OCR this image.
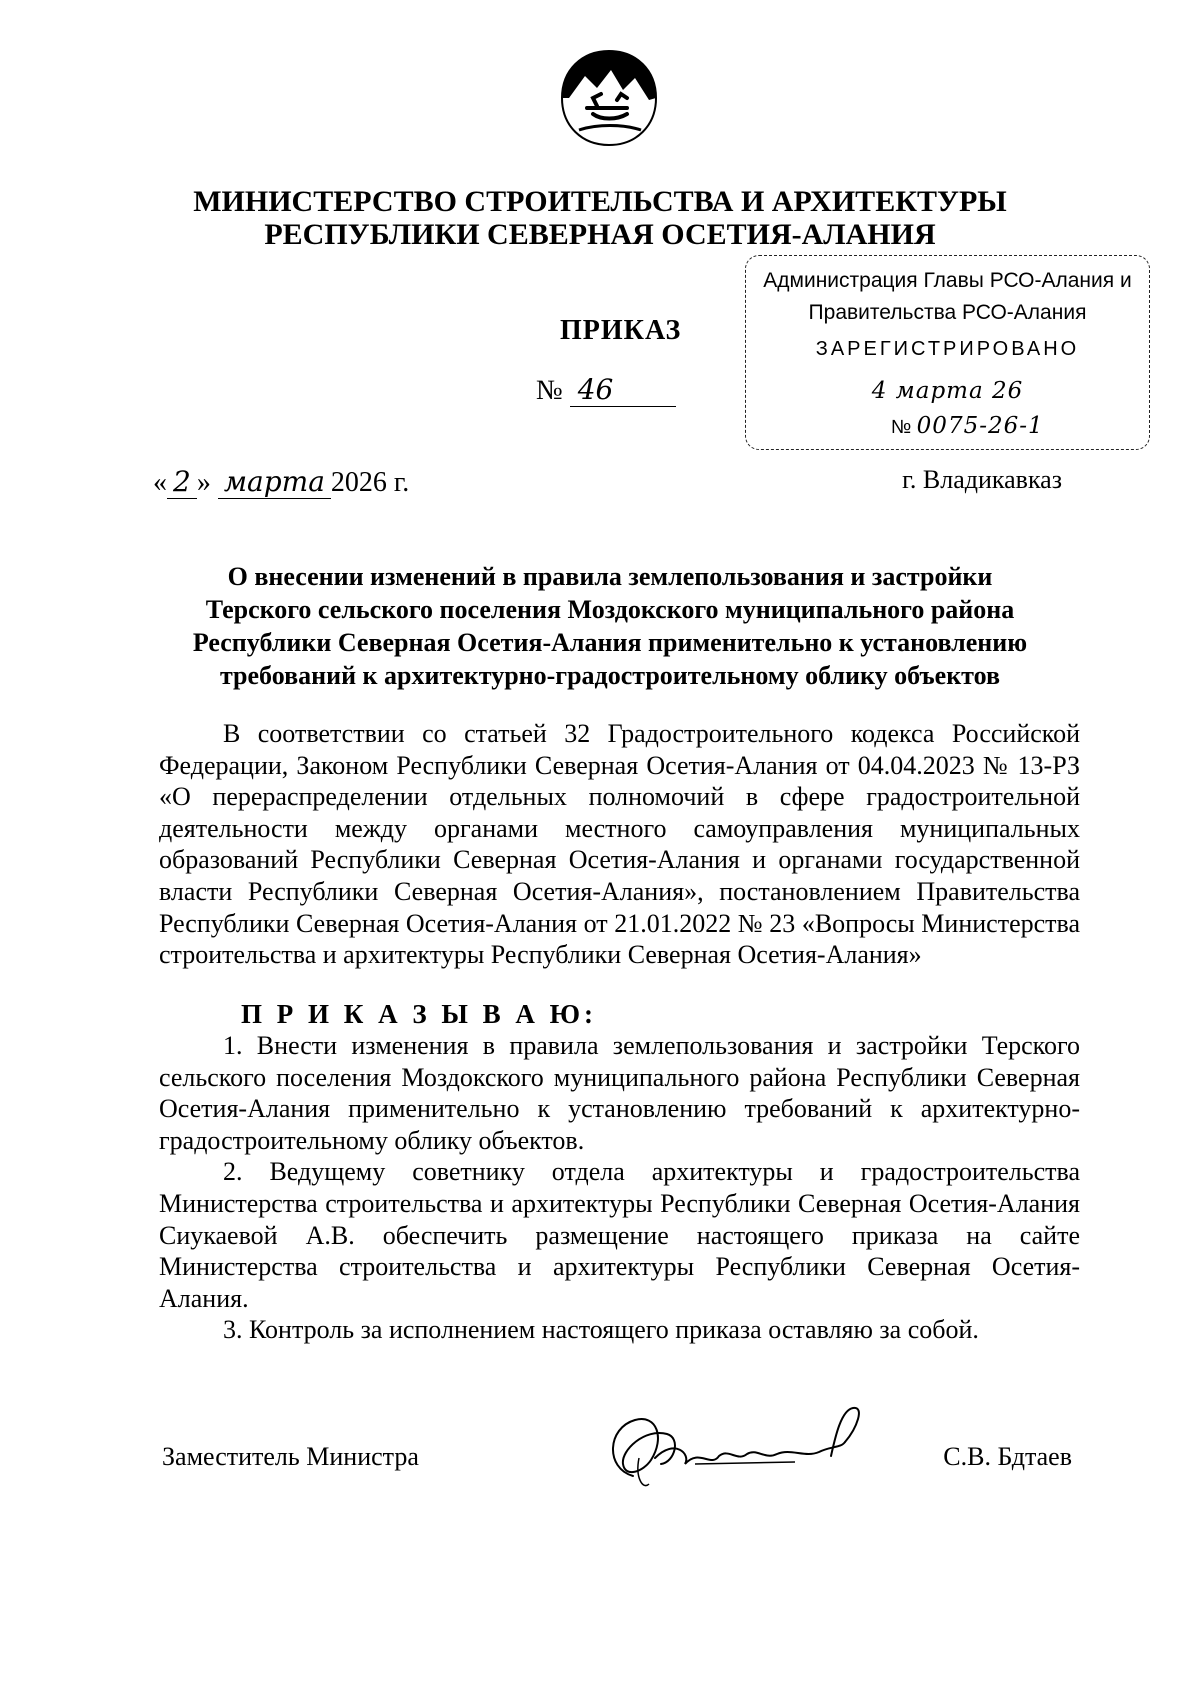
МИНИСТЕРСТВО СТРОИТЕЛЬСТВА И АРХИТЕКТУРЫ
РЕСПУБЛИКИ СЕВЕРНАЯ ОСЕТИЯ-АЛАНИЯ
Администрация Главы РСО-Алания и
Правительства РСО-Алания
ЗАРЕГИСТРИРОВАНО
4 марта 26
№ 0075-26-1
ПРИКАЗ
№ 46
« 2 » марта 2026 г.	г. Владикавказ
О внесении изменений в правила землепользования и застройки
Терского сельского поселения Моздокского муниципального района
Республики Северная Осетия-Алания применительно к установлению
требований к архитектурно-градостроительному облику объектов

В соответствии со статьей 32 Градостроительного кодекса Российской Федерации, Законом Республики Северная Осетия-Алания от 04.04.2023 № 13-РЗ «О перераспределении отдельных полномочий в сфере градостроительной деятельности между органами местного самоуправления муниципальных образований Республики Северная Осетия-Алания и органами государственной власти Республики Северная Осетия-Алания», постановлением Правительства Республики Северная Осетия-Алания от 21.01.2022 № 23 «Вопросы Министерства строительства и архитектуры Республики Северная Осетия-Алания»

П Р И К А З Ы В А Ю:

1. Внести изменения в правила землепользования и застройки Терского сельского поселения Моздокского муниципального района Республики Северная Осетия-Алания применительно к установлению требований к архитектурно-градостроительному облику объектов.

2. Ведущему советнику отдела архитектуры и градостроительства Министерства строительства и архитектуры Республики Северная Осетия-Алания Сиукаевой А.В. обеспечить размещение настоящего приказа на сайте Министерства строительства и архитектуры Республики Северная Осетия-Алания.

3. Контроль за исполнением настоящего приказа оставляю за собой.

Заместитель Министра	С.В. Бдтаев
